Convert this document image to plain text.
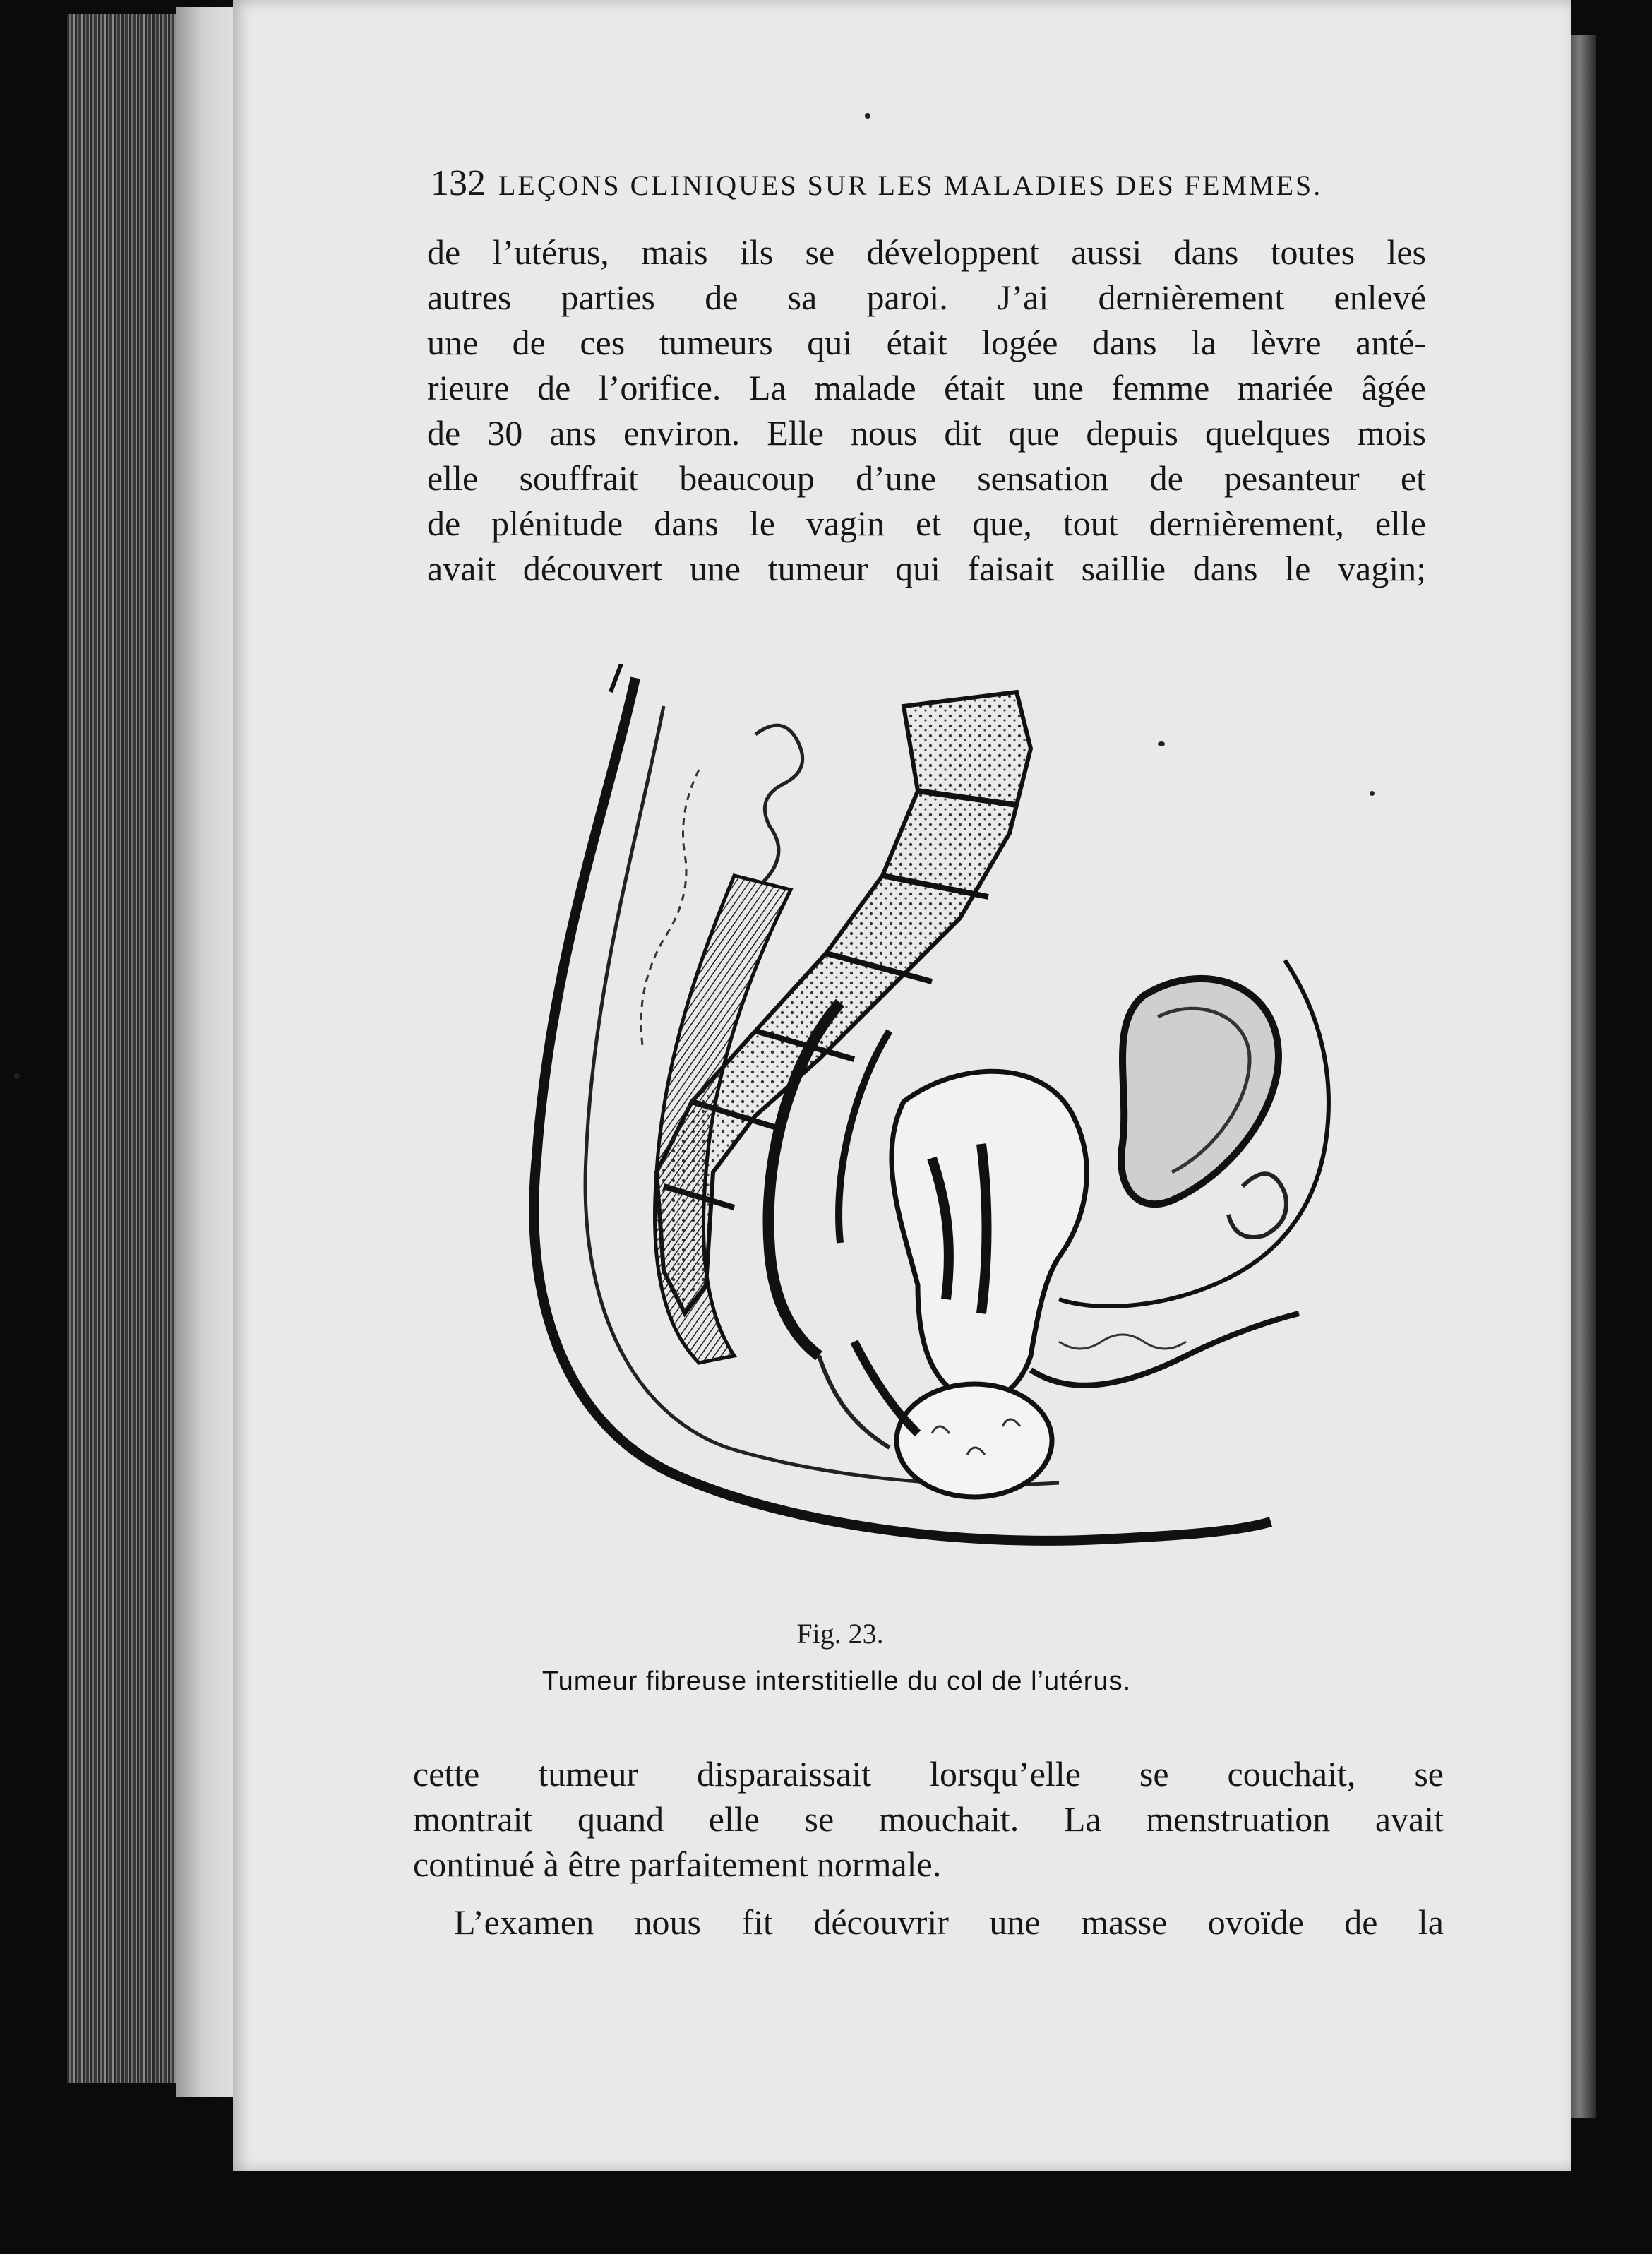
132 LEÇONS CLINIQUES SUR LES MALADIES DES FEMMES.
de l’utérus, mais ils se développent aussi dans toutes les
autres parties de sa paroi. J’ai dernièrement enlevé
une de ces tumeurs qui était logée dans la lèvre anté-
rieure de l’orifice. La malade était une femme mariée âgée
de 30 ans environ. Elle nous dit que depuis quelques mois
elle souffrait beaucoup d’une sensation de pesanteur et
de plénitude dans le vagin et que, tout dernièrement, elle
avait découvert une tumeur qui faisait saillie dans le vagin;
Fig. 23.
Tumeur fibreuse interstitielle du col de l’utérus.
cette tumeur disparaissait lorsqu’elle se couchait, se
montrait quand elle se mouchait. La menstruation avait
continué à être parfaitement normale.
L’examen nous fit découvrir une masse ovoïde de la
